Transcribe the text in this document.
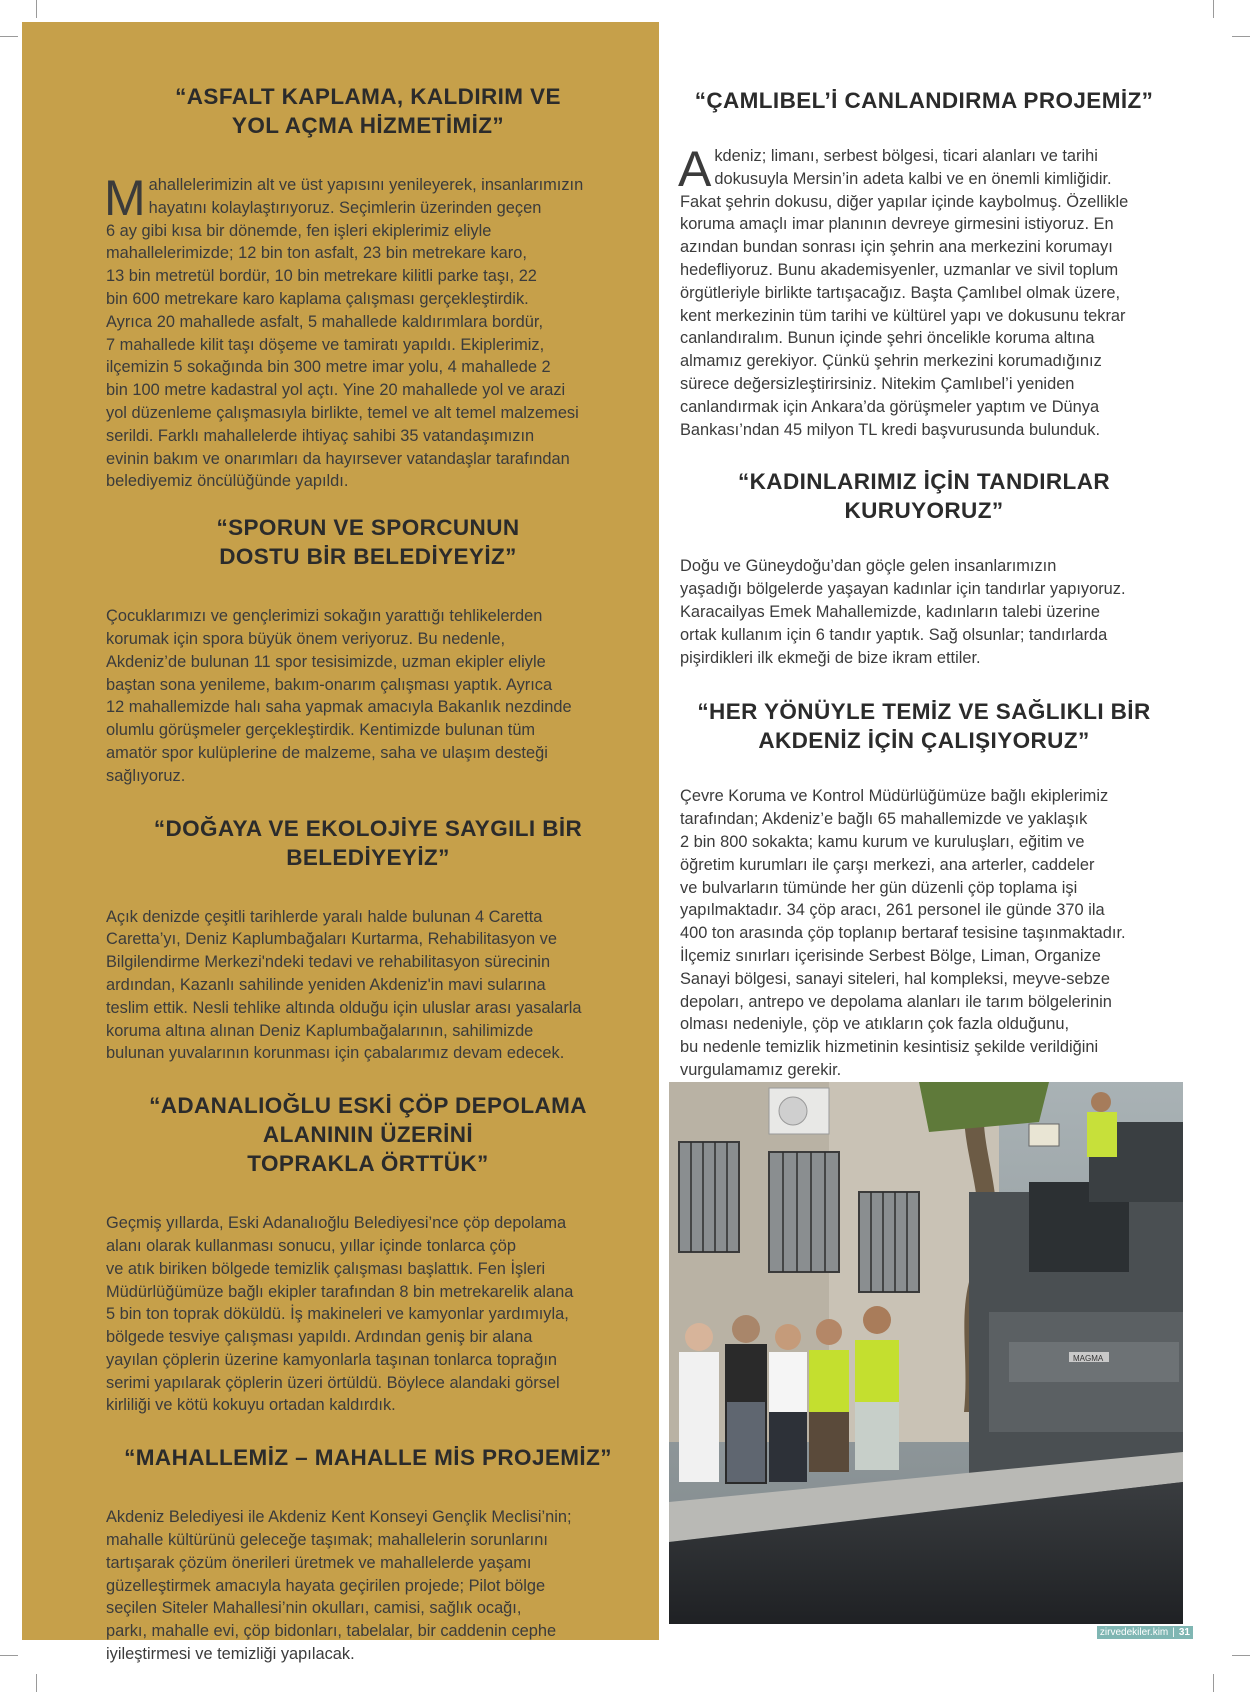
“ASFALT KAPLAMA, KALDIRIM VE
YOL AÇMA HİZMETİMİZ”
M ahallelerimizin alt ve üst yapısını yenileyerek, insanlarımızın hayatını kolaylaştırıyoruz. Seçimlerin üzerinden geçen
6 ay gibi kısa bir dönemde, fen işleri ekiplerimiz eliyle
mahallelerimizde; 12 bin ton asfalt, 23 bin metrekare karo,
13 bin metretül bordür, 10 bin metrekare kilitli parke taşı, 22
bin 600 metrekare karo kaplama çalışması gerçekleştirdik.
Ayrıca 20 mahallede asfalt, 5 mahallede kaldırımlara bordür,
7 mahallede kilit taşı döşeme ve tamiratı yapıldı. Ekiplerimiz,
ilçemizin 5 sokağında bin 300 metre imar yolu, 4 mahallede 2
bin 100 metre kadastral yol açtı. Yine 20 mahallede yol ve arazi
yol düzenleme çalışmasıyla birlikte, temel ve alt temel malzemesi
serildi. Farklı mahallelerde ihtiyaç sahibi 35 vatandaşımızın
evinin bakım ve onarımları da hayırsever vatandaşlar tarafından
belediyemiz öncülüğünde yapıldı.

“SPORUN VE SPORCUNUN
DOSTU BİR BELEDİYEYİZ”

Çocuklarımızı ve gençlerimizi sokağın yarattığı tehlikelerden
korumak için spora büyük önem veriyoruz. Bu nedenle,
Akdeniz’de bulunan 11 spor tesisimizde, uzman ekipler eliyle
baştan sona yenileme, bakım-onarım çalışması yaptık. Ayrıca
12 mahallemizde halı saha yapmak amacıyla Bakanlık nezdinde
olumlu görüşmeler gerçekleştirdik. Kentimizde bulunan tüm
amatör spor kulüplerine de malzeme, saha ve ulaşım desteği
sağlıyoruz.

“DOĞAYA VE EKOLOJİYE SAYGILI BİR
BELEDİYEYİZ”

Açık denizde çeşitli tarihlerde yaralı halde bulunan 4 Caretta
Caretta’yı, Deniz Kaplumbağaları Kurtarma, Rehabilitasyon ve
Bilgilendirme Merkezi'ndeki tedavi ve rehabilitasyon sürecinin
ardından, Kazanlı sahilinde yeniden Akdeniz'in mavi sularına
teslim ettik. Nesli tehlike altında olduğu için uluslar arası yasalarla
koruma altına alınan Deniz Kaplumbağalarının, sahilimizde
bulunan yuvalarının korunması için çabalarımız devam edecek.

“ADANALIOĞLU ESKİ ÇÖP DEPOLAMA
ALANININ ÜZERİNİ
TOPRAKLA ÖRTTÜK”

Geçmiş yıllarda, Eski Adanalıoğlu Belediyesi’nce çöp depolama
alanı olarak kullanması sonucu, yıllar içinde tonlarca çöp
ve atık biriken bölgede temizlik çalışması başlattık. Fen İşleri
Müdürlüğümüze bağlı ekipler tarafından 8 bin metrekarelik alana
5 bin ton toprak döküldü. İş makineleri ve kamyonlar yardımıyla,
bölgede tesviye çalışması yapıldı. Ardından geniş bir alana
yayılan çöplerin üzerine kamyonlarla taşınan tonlarca toprağın
serimi yapılarak çöplerin üzeri örtüldü. Böylece alandaki görsel
kirliliği ve kötü kokuyu ortadan kaldırdık.

“MAHALLEMİZ – MAHALLE MİS PROJEMİZ”

Akdeniz Belediyesi ile Akdeniz Kent Konseyi Gençlik Meclisi’nin;
mahalle kültürünü geleceğe taşımak; mahallelerin sorunlarını
tartışarak çözüm önerileri üretmek ve mahallelerde yaşamı
güzelleştirmek amacıyla hayata geçirilen projede; Pilot bölge
seçilen Siteler Mahallesi’nin okulları, camisi, sağlık ocağı,
parkı, mahalle evi, çöp bidonları, tabelalar, bir caddenin cephe
iyileştirmesi ve temizliği yapılacak.

“ÇAMLIBEL’İ CANLANDIRMA PROJEMİZ”
A kdeniz; limanı, serbest bölgesi, ticari alanları ve tarihi dokusuyla Mersin’in adeta kalbi ve en önemli kimliğidir.
Fakat şehrin dokusu, diğer yapılar içinde kaybolmuş. Özellikle
koruma amaçlı imar planının devreye girmesini istiyoruz. En
azından bundan sonrası için şehrin ana merkezini korumayı
hedefliyoruz. Bunu akademisyenler, uzmanlar ve sivil toplum
örgütleriyle birlikte tartışacağız. Başta Çamlıbel olmak üzere,
kent merkezinin tüm tarihi ve kültürel yapı ve dokusunu tekrar
canlandıralım. Bunun içinde şehri öncelikle koruma altına
almamız gerekiyor. Çünkü şehrin merkezini korumadığınız
sürece değersizleştirirsiniz. Nitekim Çamlıbel’i yeniden
canlandırmak için Ankara’da görüşmeler yaptım ve Dünya
Bankası’ndan 45 milyon TL kredi başvurusunda bulunduk.

“KADINLARIMIZ İÇİN TANDIRLAR
KURUYORUZ”

Doğu ve Güneydoğu’dan göçle gelen insanlarımızın
yaşadığı bölgelerde yaşayan kadınlar için tandırlar yapıyoruz.
Karacailyas Emek Mahallemizde, kadınların talebi üzerine
ortak kullanım için 6 tandır yaptık. Sağ olsunlar; tandırlarda
pişirdikleri ilk ekmeği de bize ikram ettiler.

“HER YÖNÜYLE TEMİZ VE SAĞLIKLI BİR
AKDENİZ İÇİN ÇALIŞIYORUZ”

Çevre Koruma ve Kontrol Müdürlüğümüze bağlı ekiplerimiz
tarafından; Akdeniz’e bağlı 65 mahallemizde ve yaklaşık
2 bin 800 sokakta; kamu kurum ve kuruluşları, eğitim ve
öğretim kurumları ile çarşı merkezi, ana arterler, caddeler
ve bulvarların tümünde her gün düzenli çöp toplama işi
yapılmaktadır. 34 çöp aracı, 261 personel ile günde 370 ila
400 ton arasında çöp toplanıp bertaraf tesisine taşınmaktadır.
İlçemiz sınırları içerisinde Serbest Bölge, Liman, Organize
Sanayi bölgesi, sanayi siteleri, hal kompleksi, meyve-sebze
depoları, antrepo ve depolama alanları ile tarım bölgelerinin
olması nedeniyle, çöp ve atıkların çok fazla olduğunu,
bu nedenle temizlik hizmetinin kesintisiz şekilde verildiğini
vurgulamamız gerekir.

MAGMA
zirvedekiler.kim | 31
